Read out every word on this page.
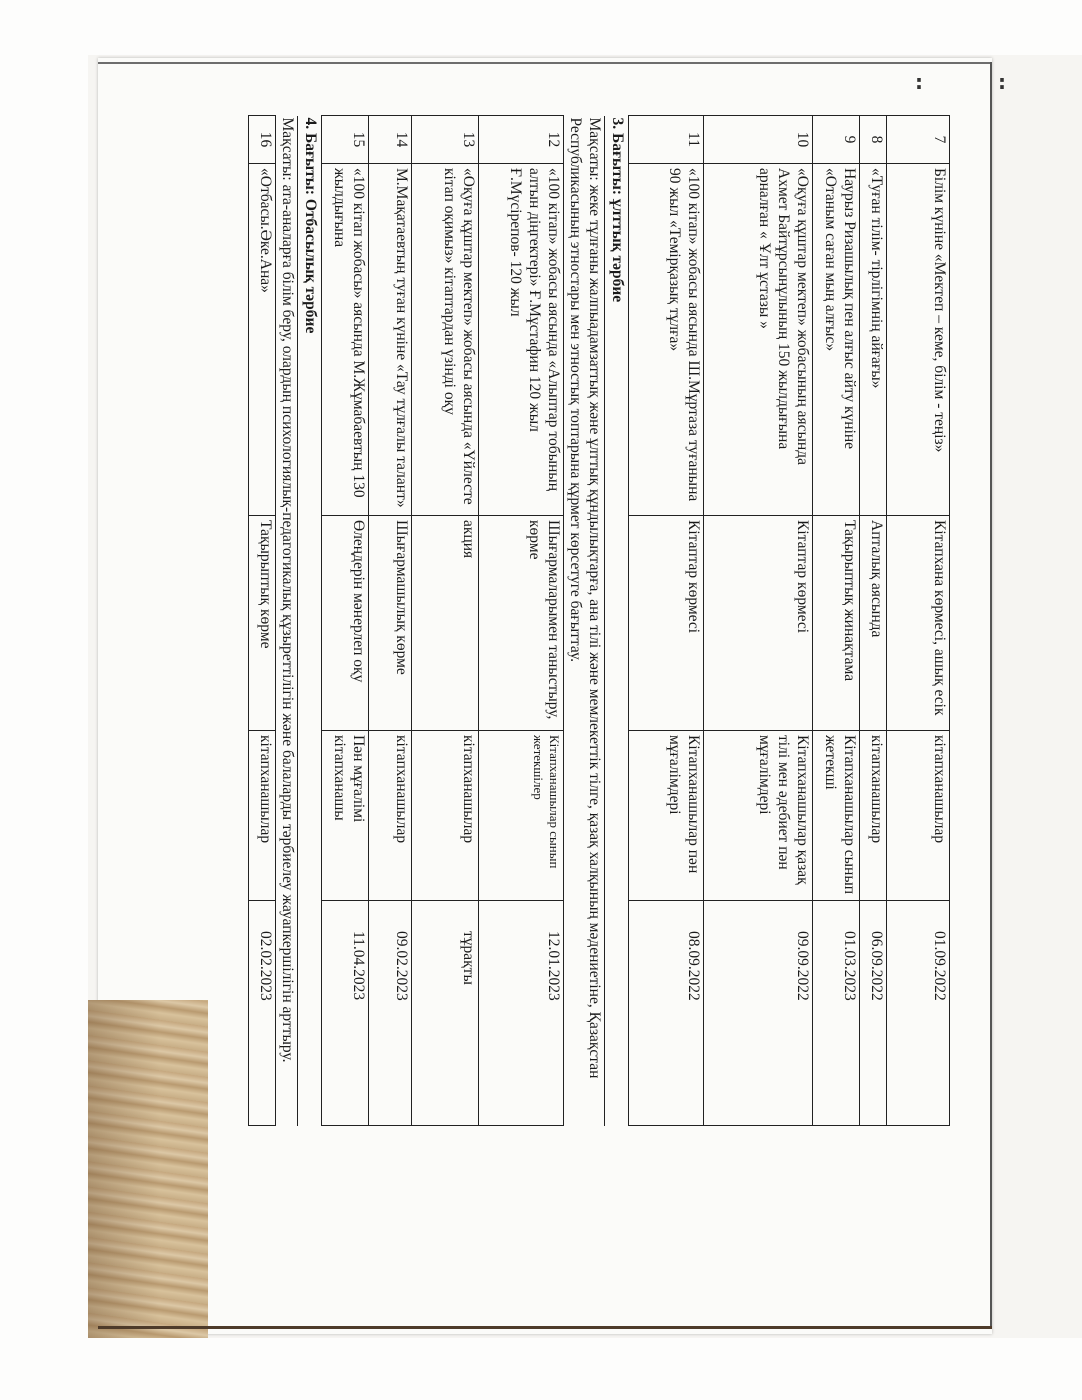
: :
7	Білім күніне «Мектеп – кеме, білім - теңіз»	Кітапхана көрмесі, ашық есік	кітапханашылар	01.09.2022
8	«Туған тілім- тірлігімнің айғағы»	Апталық аясында	кітапханашылар	06.09.2022
9	Наурыз Ризашылық пен алғыс айту күніне «Отаным саған мың алғыс»	Тақырыптық жинақтама	Кітапханашылар сынып жетекші	01.03.2023
10	«Оқуға құштар мектеп» жобасының аясында Ахмет Байтұрсынұлының 150 жылдығына арналған « Ұлт ұстазы »	Кітаптар көрмесі	Кітапханашылар қазақ тілі мен әдебиет пән мұғалімдері	09.09.2022
11	«100 кітап» жобасы аясында Ш.Мұртаза туғанына 90 жыл «Темірқазық тұлға»	Кітаптар көрмесі	Кітапханашылар пән мұғалімдері	08.09.2022
3. Бағыты: ұлттық тәрбие				
Мақсаты: жеке тұлғаны жалпыадамзаттық және ұлттық құндылықтарға, ана тілі және мемлекеттік тілге, қазақ халқының мәдениетіне, Қазақстан Республикасының этностары мен этностық топтарына құрмет көрсетуге бағыттау.				
12	«100 кітап» жобасы аясында «Алыптар тобының алтын діңгектері» Ғ.Мұстафин 120 жыл Ғ.Мүсірепов- 120 жыл	Шығармаларымен таныстыру, көрме	Кітапханашылар сынып жетекшілер	12.01.2023
13	«Оқуға құштар мектеп» жобасы аясында «Үйлесте кітап оқимыз» кітаптардан үзінді оқу	акция	кітапханашылар	тұрақты
14	М.Мақатаевтың туған күніне «Тау тұлғалы талант»	Шығармашылық көрме	кітапханашылар	09.02.2023
15	«100 кітап жобасы» аясында М.Жұмабаевтың 130 жылдығына	Өлеңдерін мәнерлеп оқу	Пән мұғалімі кітапханашы	11.04.2023
4. Бағыты: Отбасылық тәрбие				
Мақсаты: ата-аналарға білім беру, олардың психологиялық-педагогикалық құзыреттілігін және балаларды тәрбиелеу жауапкершілігін арттыру.				
16	«Отбасы.Әке.Ана»	Тақырыптық көрме	кітапханашылар	02.02.2023
